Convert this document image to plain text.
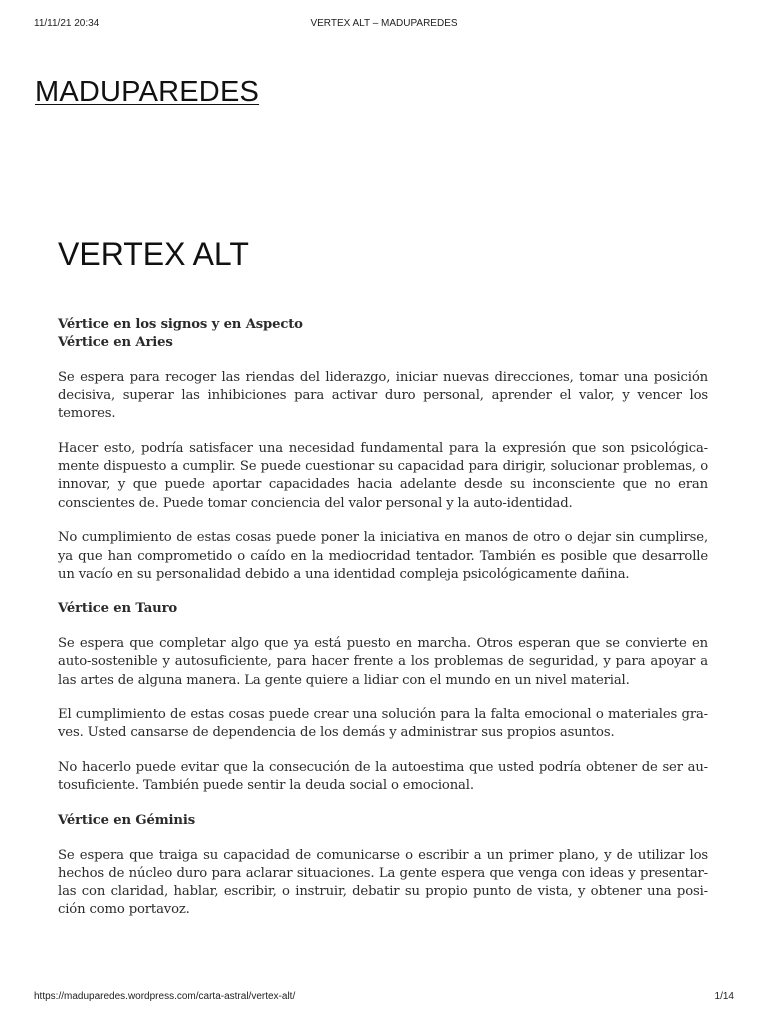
11/11/21 20:34	VERTEX ALT – MADUPAREDES
MADUPAREDES
VERTEX ALT
Vértice en los signos y en Aspecto
Vértice en Aries

Se espera para recoger las riendas del liderazgo, iniciar nuevas direcciones, tomar una posición decisiva, superar las inhibiciones para activar duro personal, aprender el valor, y vencer los temores.

Hacer esto, podría satisfacer una necesidad fundamental para la expresión que son psicológica-mente dispuesto a cumplir. Se puede cuestionar su capacidad para dirigir, solucionar problemas, o innovar, y que puede aportar capacidades hacia adelante desde su inconsciente que no eran conscientes de. Puede tomar conciencia del valor personal y la auto-identidad.

No cumplimiento de estas cosas puede poner la iniciativa en manos de otro o dejar sin cumplirse, ya que han comprometido o caído en la mediocridad tentador. También es posible que desarrolle un vacío en su personalidad debido a una identidad compleja psicológicamente dañina.

Vértice en Tauro

Se espera que completar algo que ya está puesto en marcha. Otros esperan que se convierte en auto-sostenible y autosuficiente, para hacer frente a los problemas de seguridad, y para apoyar a las artes de alguna manera. La gente quiere a lidiar con el mundo en un nivel material.

El cumplimiento de estas cosas puede crear una solución para la falta emocional o materiales gra-ves. Usted cansarse de dependencia de los demás y administrar sus propios asuntos.

No hacerlo puede evitar que la consecución de la autoestima que usted podría obtener de ser au-tosuficiente. También puede sentir la deuda social o emocional.

Vértice en Géminis

Se espera que traiga su capacidad de comunicarse o escribir a un primer plano, y de utilizar los hechos de núcleo duro para aclarar situaciones. La gente espera que venga con ideas y presentar-las con claridad, hablar, escribir, o instruir, debatir su propio punto de vista, y obtener una posi-ción como portavoz.

https://maduparedes.wordpress.com/carta-astral/vertex-alt/	1/14
